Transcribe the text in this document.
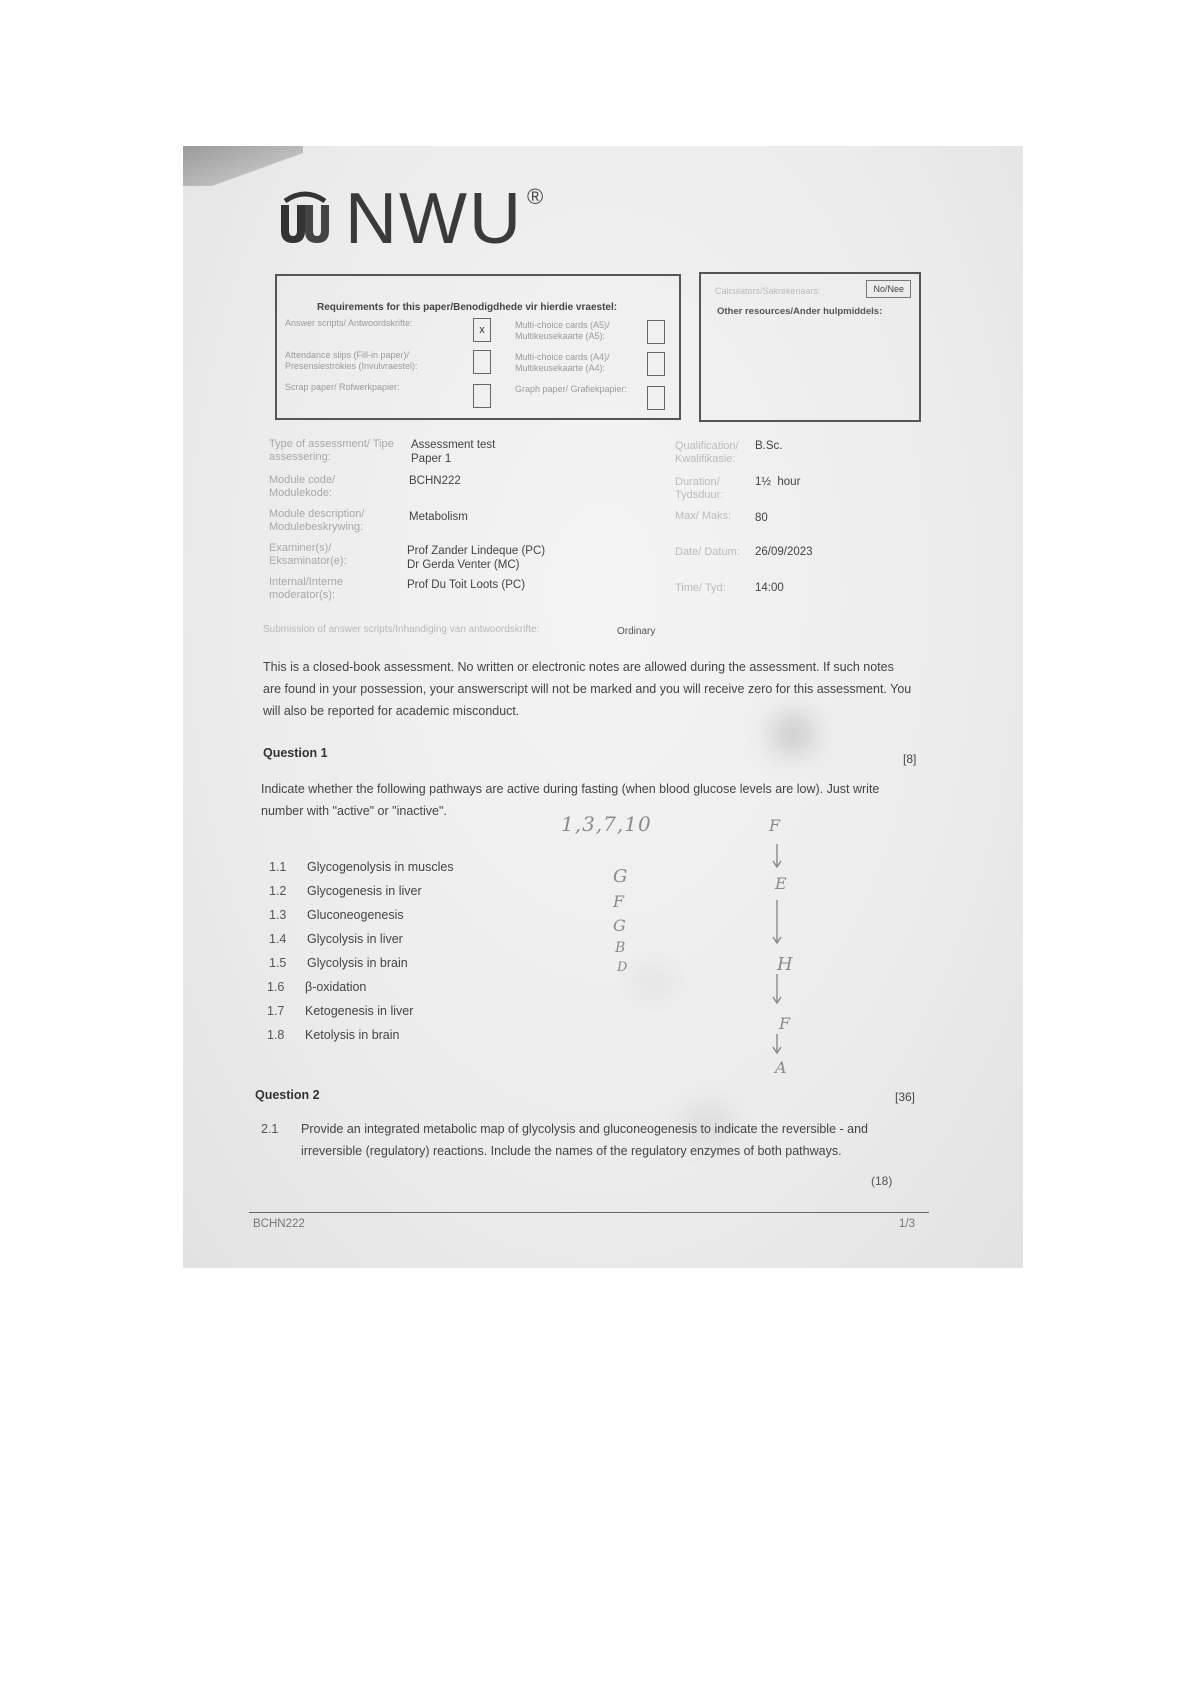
NWU ®
Requirements for this paper/Benodigdhede vir hierdie vraestel:
Answer scripts/ Antwoordskrifte:
x
Attendance slips (Fill-in paper)/ Presensiestrokies (Invulvraestel):
Scrap paper/ Rofwerkpapier:
Multi-choice cards (A5)/ Multikeusekaarte (A5):
Multi-choice cards (A4)/ Multikeusekaarte (A4):
Graph paper/ Grafiekpapier:
Calculators/Sakrekenaars:	No/Nee
Other resources/Ander hulpmiddels:
Type of assessment/ Tipe assessering:
Assessment test
Paper 1
Module code/ Modulekode:
BCHN222
Module description/ Modulebeskrywing:
Metabolism
Examiner(s)/ Eksaminator(e):
Prof Zander Lindeque (PC)
Dr Gerda Venter (MC)
Internal/Interne moderator(s):
Prof Du Toit Loots (PC)
Qualification/ Kwalifikasie:
B.Sc.
Duration/ Tydsduur:
1½  hour
Max/ Maks:	80
Date/ Datum:	26/09/2023
Time/ Tyd:	14:00
Submission of answer scripts/Inhandiging van antwoordskrifte:	Ordinary
This is a closed-book assessment. No written or electronic notes are allowed during the assessment. If such notes are found in your possession, your answerscript will not be marked and you will receive zero for this assessment. You will also be reported for academic misconduct.
Question 1	[8]
Indicate whether the following pathways are active during fasting (when blood glucose levels are low). Just write number with "active" or "inactive".
1.1 Glycogenolysis in muscles
1.2 Glycogenesis in liver
1.3 Gluconeogenesis
1.4 Glycolysis in liver
1.5 Glycolysis in brain
1.6 β-oxidation
1.7 Ketogenesis in liver
1.8 Ketolysis in brain
1,3,7,10
G
F
G
B
D
F
E
H
F
A
Question 2	[36]
2.1 Provide an integrated metabolic map of glycolysis and gluconeogenesis to indicate the reversible - and irreversible (regulatory) reactions. Include the names of the regulatory enzymes of both pathways.
(18)
BCHN222	1/3
